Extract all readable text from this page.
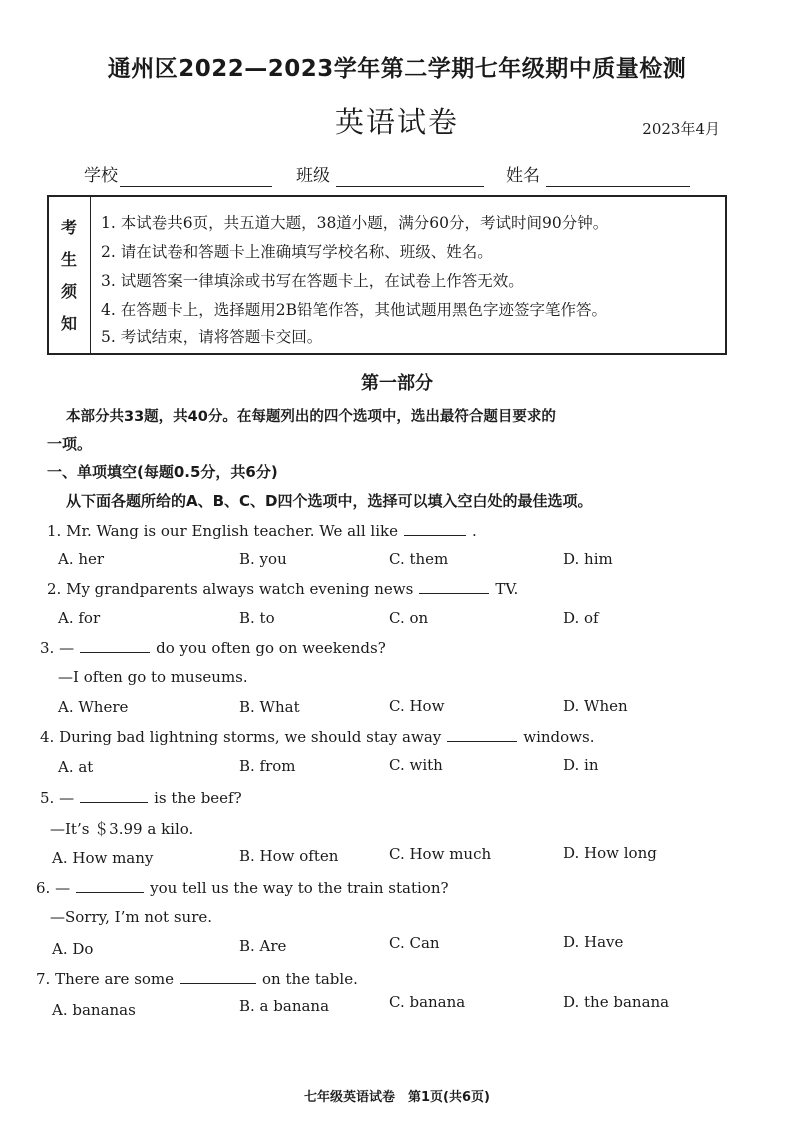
通州区2022—2023学年第二学期七年级期中质量检测
英语试卷	2023年4月
学校	班级	姓名
考
生
须
知
1. 本试卷共6页，共五道大题，38道小题，满分60分，考试时间90分钟。
2. 请在试卷和答题卡上准确填写学校名称、班级、姓名。
3. 试题答案一律填涂或书写在答题卡上，在试卷上作答无效。
4. 在答题卡上，选择题用2B铅笔作答，其他试题用黑色字迹签字笔作答。
5. 考试结束，请将答题卡交回。
第一部分
本部分共33题，共40分。在每题列出的四个选项中，选出最符合题目要求的
一项。
一、单项填空(每题0.5分，共6分)
从下面各题所给的A、B、C、D四个选项中，选择可以填入空白处的最佳选项。
1. Mr. Wang is our English teacher. We all like	.
A. her	B. you	C. them	D. him
2. My grandparents always watch evening news	TV.
A. for	B. to	C. on	D. of
3. —	do you often go on weekends?
—I often go to museums.
A. Where	B. What	C. How	D. When
4. During bad lightning storms, we should stay away	windows.
A. at	B. from	C. with	D. in
5. —	is the beef?
—It’s ＄3.99 a kilo.
A. How many	B. How often	C. How much	D. How long
6. —	you tell us the way to the train station?
—Sorry, I’m not sure.
A. Do	B. Are	C. Can	D. Have
7. There are some	on the table.
A. bananas	B. a banana	C. banana	D. the banana
七年级英语试卷　第1页(共6页)
